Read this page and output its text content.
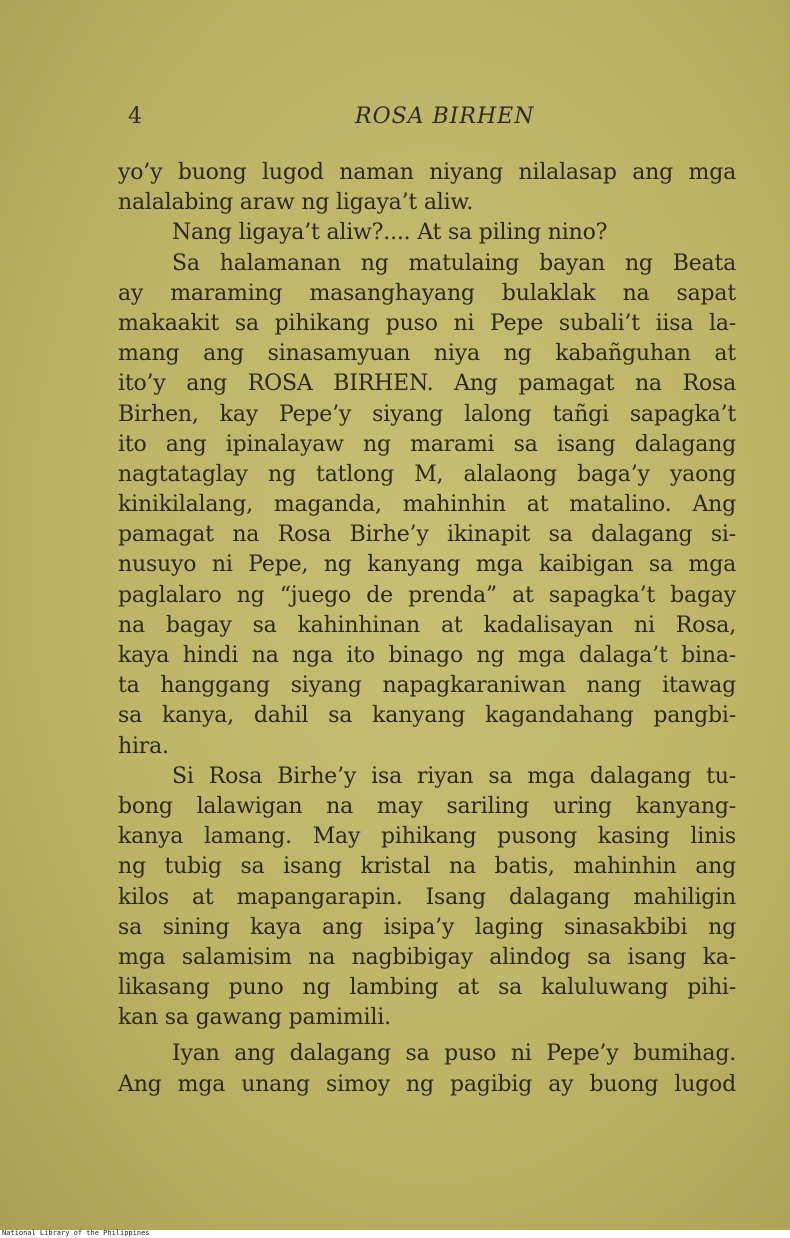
4	ROSA BIRHEN
yo’y buong lugod naman niyang nilalasap ang mga
nalalabing araw ng ligaya’t aliw.
Nang ligaya’t aliw?.... At sa piling nino?
Sa halamanan ng matulaing bayan ng Beata
ay maraming masanghayang bulaklak na sapat
makaakit sa pihikang puso ni Pepe subali’t iisa la-
mang ang sinasamyuan niya ng kabañguhan at
ito’y ang ROSA BIRHEN. Ang pamagat na Rosa
Birhen, kay Pepe’y siyang lalong tañgi sapagka’t
ito ang ipinalayaw ng marami sa isang dalagang
nagtataglay ng tatlong M, alalaong baga’y yaong
kinikilalang, maganda, mahinhin at matalino. Ang
pamagat na Rosa Birhe’y ikinapit sa dalagang si-
nusuyo ni Pepe, ng kanyang mga kaibigan sa mga
paglalaro ng “juego de prenda” at sapagka’t bagay
na bagay sa kahinhinan at kadalisayan ni Rosa,
kaya hindi na nga ito binago ng mga dalaga’t bina-
ta hanggang siyang napagkaraniwan nang itawag
sa kanya, dahil sa kanyang kagandahang pangbi-
hira.
Si Rosa Birhe’y isa riyan sa mga dalagang tu-
bong lalawigan na may sariling uring kanyang-
kanya lamang. May pihikang pusong kasing linis
ng tubig sa isang kristal na batis, mahinhin ang
kilos at mapangarapin. Isang dalagang mahiligin
sa sining kaya ang isipa’y laging sinasakbibi ng
mga salamisim na nagbibigay alindog sa isang ka-
likasang puno ng lambing at sa kaluluwang pihi-
kan sa gawang pamimili.
Iyan ang dalagang sa puso ni Pepe’y bumihag.
Ang mga unang simoy ng pagibig ay buong lugod
National Library of the Philippines
